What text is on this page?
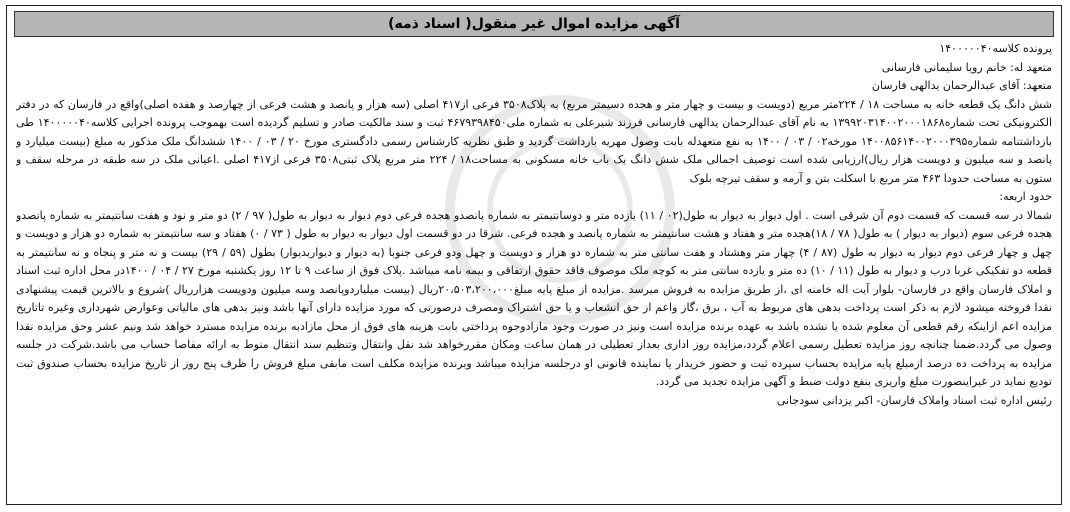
آگهی مزایده اموال غیر منقول( اسناد ذمه)

پرونده کلاسه۱۴۰۰۰۰۰۴۰

متعهد له: خانم رویا سلیمانی فارسانی

متعهد: آقای عبدالرحمان یدالهی فارسان

شش دانگ یک قطعه خانه به مساحت ۱۸ / ۲۲۴متر مربع (دویست و بیست و چهار متر و هجده دسیمتر مربع) به پلاک۳۵۰۸ فرعی از۴۱۷ اصلی (سه هزار و پانصد و هشت فرعی از چهارصد و هفده اصلی)واقع در فارسان که در دفتر الکترونیکی تحت شماره۱۳۹۹۲۰۳۱۴۰۰۲۰۰۰۱۸۶۸ به نام آقای عبدالرحمان یدالهی فارسانی فرزند شیرعلی به شماره ملی۴۶۷۹۳۹۸۴۵۰ ثبت و سند مالکیت صادر و تسلیم گردیده است بهموجب پرونده اجرایی کلاسه۱۴۰۰۰۰۰۴۰ طی بازداشتنامه شماره۱۴۰۰۸۵۶۱۴۰۰۲۰۰۰۳۹۵ مورخه۰۲ / ۰۳ / ۱۴۰۰ به نفع متعهدله بابت وصول مهریه بازداشت گردید و طبق نظریه کارشناس رسمی دادگستری مورخ ۲۰ / ۰۳ / ۱۴۰۰ ششدانگ ملک مذکور به مبلغ (بیست میلیارد و پانصد و سه میلیون و دویست هزار ریال)ارزیابی شده است توصیف اجمالی ملک شش دانگ یک باب خانه مسکونی به مساحت۱۸ / ۲۲۴ متر مربع پلاک ثبتی۳۵۰۸ فرعی از۴۱۷ اصلی .اعیانی ملک در سه طبقه در مرحله سقف و ستون به مساحت حدودا ۴۶۳ متر مربع با اسکلت بتن و آرمه و سقف تیرچه بلوک

حدود اربعه:

شمالا در سه قسمت که قسمت دوم آن شرقی است . اول دیوار به دیوار به طول(۰۲ / ۱۱) یازده متر و دوسانتیمتر به شماره پانصدو هجده فرعی دوم دیوار به دیوار به طول( ۹۷ / ۲) دو متر و نود و هفت سانتیمتر به شماره پانصدو هجده فرعی سوم (دیوار به دیوار ) به طول( ۷۸ / ۱۸)هجده متر و هفتاد و هشت سانتیمتر به شماره پانصد و هجده فرعی. شرقا در دو قسمت اول دیوار به دیوار به طول ( ۷۳ / ۰) هفتاد و سه سانتیمتر به شماره دو هزار و دویست و چهل و چهار فرعی دوم دیوار به دیوار به طول (۸۷ / ۴) چهار متر وهشتاد و هفت سانتی متر به شماره دو هزار و دویست و چهل ودو فرعی جنوبا (به دیوار و دیواربدیوار) بطول (۵۹ / ۲۹) بیست و نه متر و پنجاه و نه سانتیمتر به قطعه دو تفکیکی غربا درب و دیوار به طول (۱۱ / ۱۰) ده متر و یازده سانتی متر به کوچه ملک موصوف فاقد حقوق ارتفاقی و بیمه نامه میباشد .پلاک فوق از ساعت ۹ تا ۱۲ روز یکشنبه مورخ ۲۷ / ۰۴ / ۱۴۰۰در محل اداره ثبت اسناد و املاک فارسان واقع در فارسان- بلوار آیت اله خامنه ای ،از طریق مزایده به فروش میرسد .مزایده از مبلغ پایه مبلغ۲۰،۵۰۳،۲۰۰،۰۰۰ریال (بیست میلیاردوپانصد وسه میلیون ودویست هزارریال )شروع و بالاترین قیمت پیشنهادی نقدا فروخته میشود لازم به ذکر است پرداخت بدهی های مربوط به آب ، برق ،گاز واعم از حق انشعاب و یا حق اشتراک ومصرف درصورتی که مورد مزایده دارای آنها باشد ونیز بدهی های مالیاتی وعوارض شهرداری وغیره تاتاریخ مزایده اعم ازاینکه رقم قطعی آن معلوم شده یا نشده باشد به عهده برنده مزایده است ونیز در صورت وجود مازادوجوه پرداختی بابت هزینه های فوق از محل مازادبه برنده مزایده مسترد خواهد شد ونیم عشر وحق مزایده نقدا وصول می گردد.ضمنا چنانچه روز مزایده تعطیل رسمی اعلام گردد،مزایده روز اداری بعداز تعطیلی در همان ساعت ومکان مقررخواهد شد نقل وانتقال وتنظیم سند انتقال منوط به ارائه مفاصا حساب می باشد.شرکت در جلسه مزایده به پرداخت ده درصد ازمبلغ پایه مزایده بحساب سپرده ثبت و حضور خریدار یا نماینده قانونی او درجلسه مزایده میباشد وبرنده مزایده مکلف است مابقی مبلغ فروش را ظرف پنج روز از تاریخ مزایده بحساب صندوق ثبت تودیع نماید در غیراینصورت مبلغ واریزی بنفع دولت ضبط و آگهی مزایده تجدید می گردد.

رئیس اداره ثبت اسناد واملاک فارسان- اکبر یزدانی سودجانی
